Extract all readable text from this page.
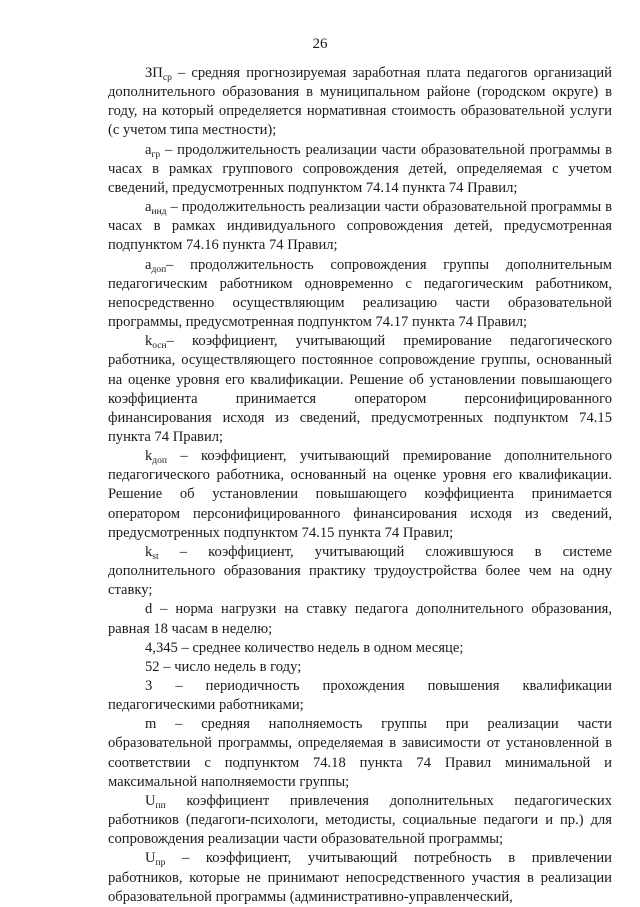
26

$ЗП_{ср}$ – средняя прогнозируемая заработная плата педагогов организаций дополнительного образования в муниципальном районе (городском округе) в году, на который определяется нормативная стоимость образовательной услуги (с учетом типа местности);

$а_{гр}$ – продолжительность реализации части образовательной программы в часах в рамках группового сопровождения детей, определяемая с учетом сведений, предусмотренных подпунктом 74.14 пункта 74 Правил;

$а_{инд}$ – продолжительность реализации части образовательной программы в часах в рамках индивидуального сопровождения детей, предусмотренная подпунктом 74.16 пункта 74 Правил;

$а_{доп}-$ продолжительность сопровождения группы дополнительным педагогическим работником одновременно с педагогическим работником, непосредственно осуществляющим реализацию части образовательной программы, предусмотренная подпунктом 74.17 пункта 74 Правил;

$k_{осн}-$ коэффициент, учитывающий премирование педагогического работника, осуществляющего постоянное сопровождение группы, основанный на оценке уровня его квалификации. Решение об установлении повышающего коэффициента принимается оператором персонифицированного финансирования исходя из сведений, предусмотренных подпунктом 74.15 пункта 74 Правил;

$k_{доп}$ – коэффициент, учитывающий премирование дополнительного педагогического работника, основанный на оценке уровня его квалификации. Решение об установлении повышающего коэффициента принимается оператором персонифицированного финансирования исходя из сведений, предусмотренных подпунктом 74.15 пункта 74 Правил;

$k_{st}$ – коэффициент, учитывающий сложившуюся в системе дополнительного образования практику трудоустройства более чем на одну ставку;

d – норма нагрузки на ставку педагога дополнительного образования, равная 18 часам в неделю;

4,345 – среднее количество недель в одном месяце;

52 – число недель в году;

3 – периодичность прохождения повышения квалификации педагогическими работниками;

m – средняя наполняемость группы при реализации части образовательной программы, определяемая в зависимости от установленной в соответствии с подпунктом 74.18 пункта 74 Правил минимальной и максимальной наполняемости группы;

$U_{пп}$ коэффициент привлечения дополнительных педагогических работников (педагоги-психологи, методисты, социальные педагоги и пр.) для сопровождения реализации части образовательной программы;

$U_{пр}$ – коэффициент, учитывающий потребность в привлечении работников, которые не принимают непосредственного участия в реализации образовательной программы (административно-управленческий,
